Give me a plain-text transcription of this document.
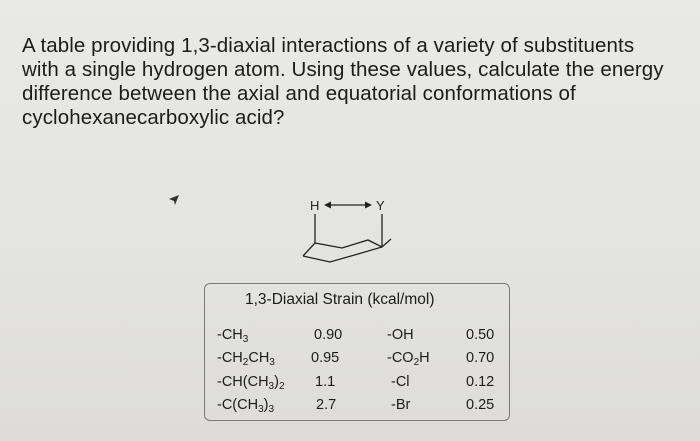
A table providing 1,3-diaxial interactions of a variety of substituents
with a single hydrogen atom. Using these values, calculate the energy
difference between the axial and equatorial conformations of
cyclohexanecarboxylic acid?
H	Y
1,3-Diaxial Strain (kcal/mol)
$-CH_3$	0.90	-OH	0.50
$-CH_2CH_3$ 0.95	$-CO_2H$	0.70
$-CH(CH_3)_2$ 1.1	-Cl	0.12
$-C(CH_3)_3$	2.7	-Br	0.25
